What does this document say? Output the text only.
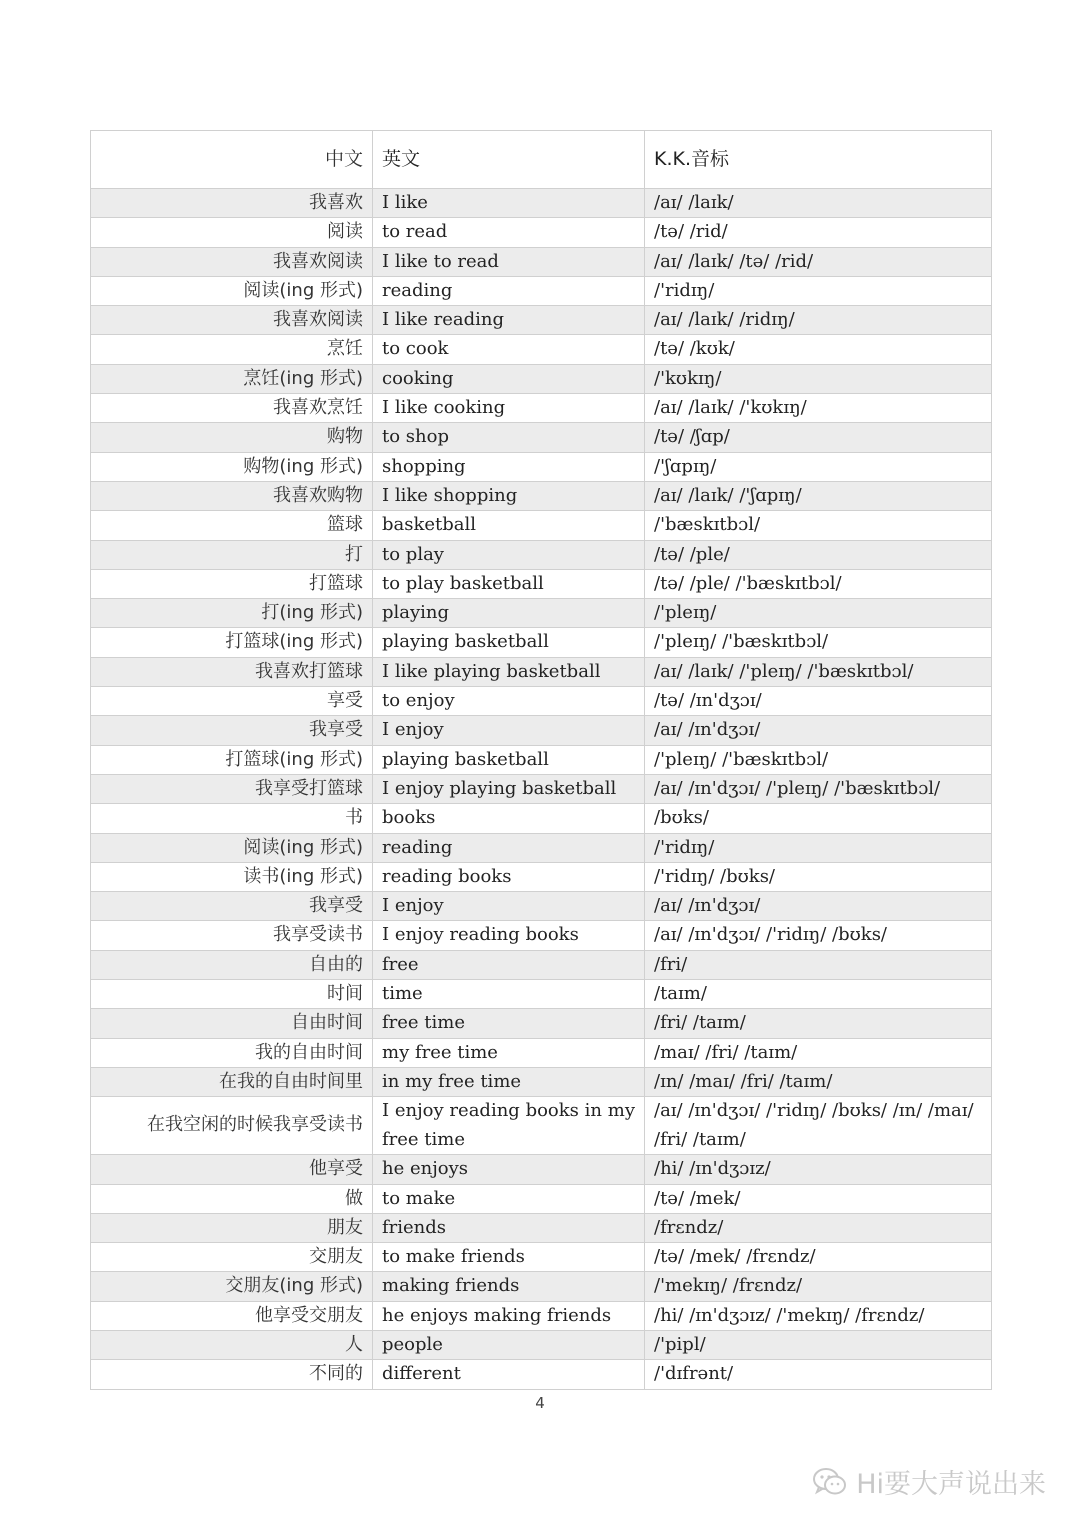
中文	英文	K.K.音标
我喜欢	I like	/aɪ/ /laɪk/
阅读	to read	/tə/ /rid/
我喜欢阅读	I like to read	/aɪ/ /laɪk/ /tə/ /rid/
阅读(ing 形式)	reading	/'ridɪŋ/
我喜欢阅读	I like reading	/aɪ/ /laɪk/ /ridɪŋ/
烹饪	to cook	/tə/ /kʊk/
烹饪(ing 形式)	cooking	/'kʊkɪŋ/
我喜欢烹饪	I like cooking	/aɪ/ /laɪk/ /'kʊkɪŋ/
购物	to shop	/tə/ /ʃɑp/
购物(ing 形式)	shopping	/'ʃɑpɪŋ/
我喜欢购物	I like shopping	/aɪ/ /laɪk/ /'ʃɑpɪŋ/
篮球	basketball	/'bæskɪtbɔl/
打	to play	/tə/ /ple/
打篮球	to play basketball	/tə/ /ple/ /'bæskɪtbɔl/
打(ing 形式)	playing	/'pleɪŋ/
打篮球(ing 形式)	playing basketball	/'pleɪŋ/ /'bæskɪtbɔl/
我喜欢打篮球	I like playing basketball	/aɪ/ /laɪk/ /'pleɪŋ/ /'bæskɪtbɔl/
享受	to enjoy	/tə/ /ɪn'dʒɔɪ/
我享受	I enjoy	/aɪ/ /ɪn'dʒɔɪ/
打篮球(ing 形式)	playing basketball	/'pleɪŋ/ /'bæskɪtbɔl/
我享受打篮球	I enjoy playing basketball	/aɪ/ /ɪn'dʒɔɪ/ /'pleɪŋ/ /'bæskɪtbɔl/
书	books	/bʊks/
阅读(ing 形式)	reading	/'ridɪŋ/
读书(ing 形式)	reading books	/'ridɪŋ/ /bʊks/
我享受	I enjoy	/aɪ/ /ɪn'dʒɔɪ/
我享受读书	I enjoy reading books	/aɪ/ /ɪn'dʒɔɪ/ /'ridɪŋ/ /bʊks/
自由的	free	/fri/
时间	time	/taɪm/
自由时间	free time	/fri/ /taɪm/
我的自由时间	my free time	/maɪ/ /fri/ /taɪm/
在我的自由时间里	in my free time	/ɪn/ /maɪ/ /fri/ /taɪm/
在我空闲的时候我享受读书	I enjoy reading books in my free time	/aɪ/ /ɪn'dʒɔɪ/ /'ridɪŋ/ /bʊks/ /ɪn/ /maɪ/ /fri/ /taɪm/
他享受	he enjoys	/hi/ /ɪn'dʒɔɪz/
做	to make	/tə/ /mek/
朋友	friends	/frɛndz/
交朋友	to make friends	/tə/ /mek/ /frɛndz/
交朋友(ing 形式)	making friends	/'mekɪŋ/ /frɛndz/
他享受交朋友	he enjoys making friends	/hi/ /ɪn'dʒɔɪz/ /'mekɪŋ/ /frɛndz/
人	people	/'pipl/
不同的	different	/'dɪfrənt/
4
Hi要大声说出来
